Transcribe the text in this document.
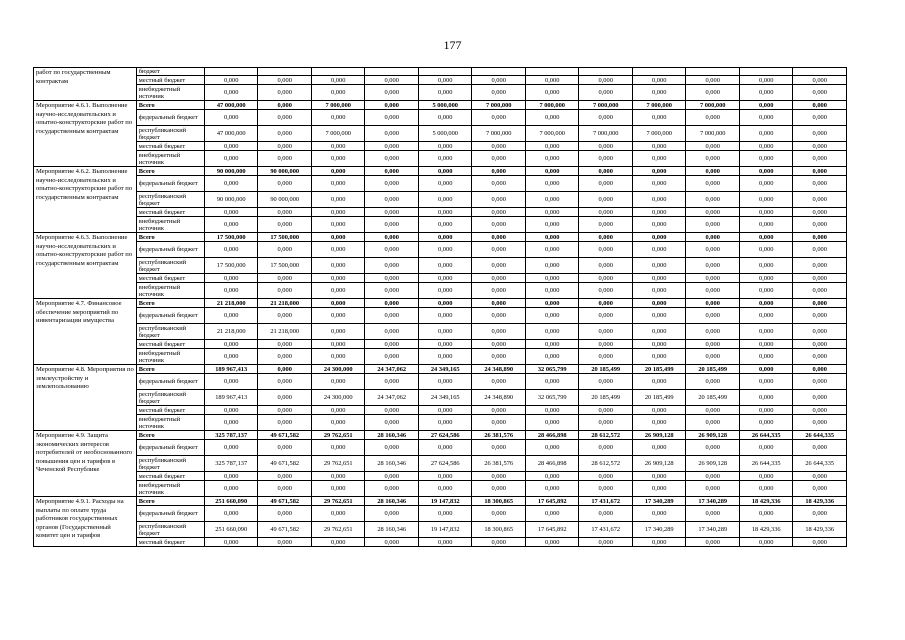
177
работ по государственным контрактам	бюджет												
	местный бюджет	0,000	0,000	0,000	0,000	0,000	0,000	0,000	0,000	0,000	0,000	0,000	0,000
	внебюджетный источник	0,000	0,000	0,000	0,000	0,000	0,000	0,000	0,000	0,000	0,000	0,000	0,000
Мероприятие 4.6.1. Выполнение научно-исследовательских и опытно-конструкторские работ по государственным контрактам	Всего	47 000,000	0,000	7 000,000	0,000	5 000,000	7 000,000	7 000,000	7 000,000	7 000,000	7 000,000	0,000	0,000
	федеральный бюджет	0,000	0,000	0,000	0,000	0,000	0,000	0,000	0,000	0,000	0,000	0,000	0,000
	республиканский бюджет	47 000,000	0,000	7 000,000	0,000	5 000,000	7 000,000	7 000,000	7 000,000	7 000,000	7 000,000	0,000	0,000
	местный бюджет	0,000	0,000	0,000	0,000	0,000	0,000	0,000	0,000	0,000	0,000	0,000	0,000
	внебюджетный источник	0,000	0,000	0,000	0,000	0,000	0,000	0,000	0,000	0,000	0,000	0,000	0,000
Мероприятие 4.6.2. Выполнение научно-исследовательских и опытно-конструкторские работ по государственным контрактам	Всего	90 000,000	90 000,000	0,000	0,000	0,000	0,000	0,000	0,000	0,000	0,000	0,000	0,000
	федеральный бюджет	0,000	0,000	0,000	0,000	0,000	0,000	0,000	0,000	0,000	0,000	0,000	0,000
	республиканский бюджет	90 000,000	90 000,000	0,000	0,000	0,000	0,000	0,000	0,000	0,000	0,000	0,000	0,000
	местный бюджет	0,000	0,000	0,000	0,000	0,000	0,000	0,000	0,000	0,000	0,000	0,000	0,000
	внебюджетный источник	0,000	0,000	0,000	0,000	0,000	0,000	0,000	0,000	0,000	0,000	0,000	0,000
Мероприятие 4.6.3. Выполнение научно-исследовательских и опытно-конструкторские работ по государственным контрактам	Всего	17 500,000	17 500,000	0,000	0,000	0,000	0,000	0,000	0,000	0,000	0,000	0,000	0,000
	федеральный бюджет	0,000	0,000	0,000	0,000	0,000	0,000	0,000	0,000	0,000	0,000	0,000	0,000
	республиканский бюджет	17 500,000	17 500,000	0,000	0,000	0,000	0,000	0,000	0,000	0,000	0,000	0,000	0,000
	местный бюджет	0,000	0,000	0,000	0,000	0,000	0,000	0,000	0,000	0,000	0,000	0,000	0,000
	внебюджетный источник	0,000	0,000	0,000	0,000	0,000	0,000	0,000	0,000	0,000	0,000	0,000	0,000
Мероприятие 4.7. Финансовое обеспечение мероприятий по инвентаризации имущества	Всего	21 218,000	21 218,000	0,000	0,000	0,000	0,000	0,000	0,000	0,000	0,000	0,000	0,000
	федеральный бюджет	0,000	0,000	0,000	0,000	0,000	0,000	0,000	0,000	0,000	0,000	0,000	0,000
	республиканский бюджет	21 218,000	21 218,000	0,000	0,000	0,000	0,000	0,000	0,000	0,000	0,000	0,000	0,000
	местный бюджет	0,000	0,000	0,000	0,000	0,000	0,000	0,000	0,000	0,000	0,000	0,000	0,000
	внебюджетный источник	0,000	0,000	0,000	0,000	0,000	0,000	0,000	0,000	0,000	0,000	0,000	0,000
Мероприятие 4.8. Мероприятия по землеустройству и землепользованию	Всего	189 967,413	0,000	24 300,000	24 347,062	24 349,165	24 348,890	32 065,799	20 185,499	20 185,499	20 185,499	0,000	0,000
	федеральный бюджет	0,000	0,000	0,000	0,000	0,000	0,000	0,000	0,000	0,000	0,000	0,000	0,000
	республиканский бюджет	189 967,413	0,000	24 300,000	24 347,062	24 349,165	24 348,890	32 065,799	20 185,499	20 185,499	20 185,499	0,000	0,000
	местный бюджет	0,000	0,000	0,000	0,000	0,000	0,000	0,000	0,000	0,000	0,000	0,000	0,000
	внебюджетный источник	0,000	0,000	0,000	0,000	0,000	0,000	0,000	0,000	0,000	0,000	0,000	0,000
Мероприятие 4.9. Защита экономических интересов потребителей от необоснованного повышения цен и тарифов в Чеченской Республике	Всего	325 787,137	49 671,582	29 762,651	28 160,346	27 624,586	26 381,576	28 466,898	28 612,572	26 909,128	26 909,128	26 644,335	26 644,335
	федеральный бюджет	0,000	0,000	0,000	0,000	0,000	0,000	0,000	0,000	0,000	0,000	0,000	0,000
	республиканский бюджет	325 787,137	49 671,582	29 762,651	28 160,346	27 624,586	26 381,576	28 466,898	28 612,572	26 909,128	26 909,128	26 644,335	26 644,335
	местный бюджет	0,000	0,000	0,000	0,000	0,000	0,000	0,000	0,000	0,000	0,000	0,000	0,000
	внебюджетный источник	0,000	0,000	0,000	0,000	0,000	0,000	0,000	0,000	0,000	0,000	0,000	0,000
Мероприятие 4.9.1. Расходы на выплаты по оплате труда работников государственных органов (Государственный комитет цен и тарифов	Всего	251 660,090	49 671,582	29 762,651	28 160,346	19 147,832	18 300,865	17 645,892	17 431,672	17 340,289	17 340,289	18 429,336	18 429,336
	федеральный бюджет	0,000	0,000	0,000	0,000	0,000	0,000	0,000	0,000	0,000	0,000	0,000	0,000
	республиканский бюджет	251 660,090	49 671,582	29 762,651	28 160,346	19 147,832	18 300,865	17 645,892	17 431,672	17 340,289	17 340,289	18 429,336	18 429,336
	местный бюджет	0,000	0,000	0,000	0,000	0,000	0,000	0,000	0,000	0,000	0,000	0,000	0,000
